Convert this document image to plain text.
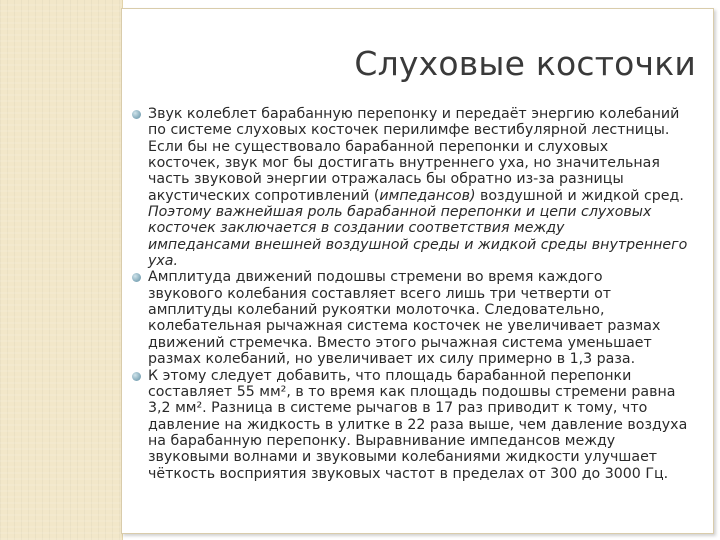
Слуховые косточки
Звук колеблет барабанную перепонку и передаёт энергию колебаний
по системе слуховых косточек перилимфе вестибулярной лестницы.
Если бы не существовало барабанной перепонки и слуховых
косточек, звук мог бы достигать внутреннего уха, но значительная
часть звуковой энергии отражалась бы обратно из-за разницы
акустических сопротивлений (импедансов) воздушной и жидкой сред.
Поэтому важнейшая роль барабанной перепонки и цепи слуховых
косточек заключается в создании соответствия между
импедансами внешней воздушной среды и жидкой среды внутреннего
уха.
Амплитуда движений подошвы стремени во время каждого
звукового колебания составляет всего лишь три четверти от
амплитуды колебаний рукоятки молоточка. Следовательно,
колебательная рычажная система косточек не увеличивает размах
движений стремечка. Вместо этого рычажная система уменьшает
размах колебаний, но увеличивает их силу примерно в 1,3 раза.
К этому следует добавить, что площадь барабанной перепонки
составляет 55 мм², в то время как площадь подошвы стремени равна
3,2 мм². Разница в системе рычагов в 17 раз приводит к тому, что
давление на жидкость в улитке в 22 раза выше, чем давление воздуха
на барабанную перепонку. Выравнивание импедансов между
звуковыми волнами и звуковыми колебаниями жидкости улучшает
чёткость восприятия звуковых частот в пределах от 300 до 3000 Гц.
